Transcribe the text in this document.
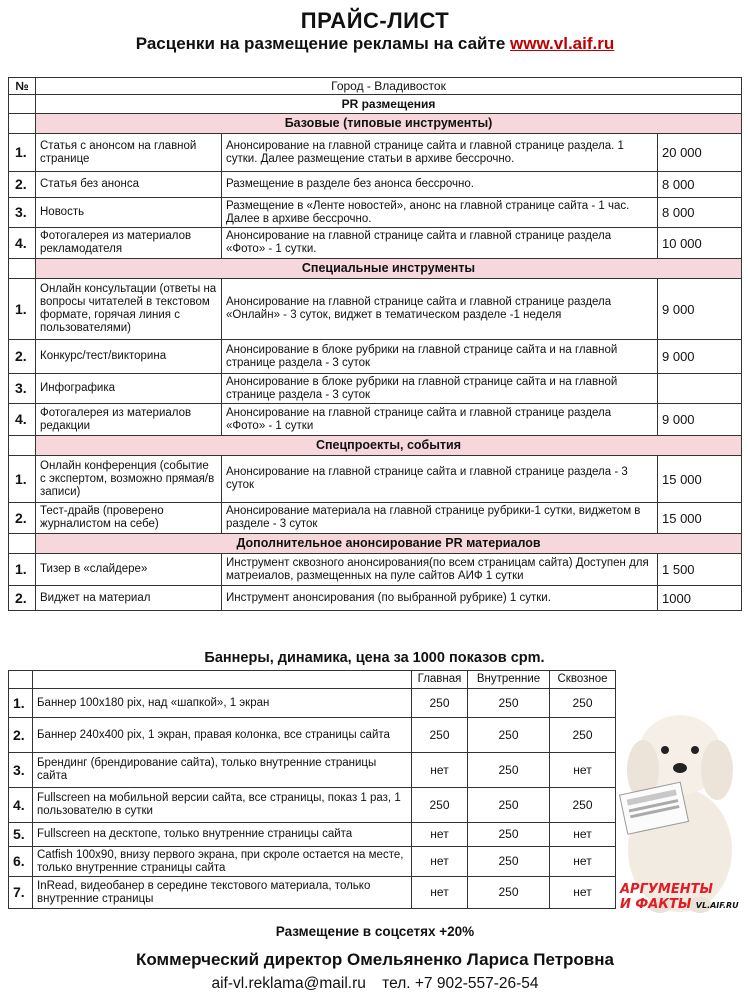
ПРАЙС-ЛИСТ
Расценки на размещение рекламы на сайте www.vl.aif.ru
№	Город - Владивосток		
	PR размещения		
	Базовые (типовые инструменты)		
1.	Статья с анонсом на главной странице	Анонсирование на главной странице сайта и главной странице раздела. 1 сутки. Далее размещение статьи в архиве бессрочно.	20 000
2.	Статья без анонса	Размещение в разделе без анонса бессрочно.	8 000
3.	Новость	Размещение в «Ленте новостей», анонс на главной странице сайта - 1 час. Далее в архиве бессрочно.	8 000
4.	Фотогалерея из материалов рекламодателя	Анонсирование на главной странице сайта и главной странице раздела «Фото» - 1 сутки.	10 000
	Специальные инструменты		
1.	Онлайн консультации (ответы на вопросы читателей в текстовом формате, горячая линия с пользователями)	Анонсирование на главной странице сайта и главной странице раздела «Онлайн» - 3 суток, виджет в тематическом разделе -1 неделя	9 000
2.	Конкурс/тест/викторина	Анонсирование в блоке рубрики на главной странице сайта и на главной странице раздела - 3 суток	9 000
3.	Инфографика	Анонсирование в блоке рубрики на главной странице сайта и на главной странице раздела - 3 суток	
4.	Фотогалерея из материалов редакции	Анонсирование на главной странице сайта и главной странице раздела «Фото» - 1 сутки	9 000
	Спецпроекты, события		
1.	Онлайн конференция (событие с экспертом, возможно прямая/в записи)	Анонсирование на главной странице сайта и главной странице раздела - 3 суток	15 000
2.	Тест-драйв (проверено журналистом на себе)	Анонсирование материала на главной странице рубрики-1 сутки, виджетом в разделе - 3 суток	15 000
	Дополнительное анонсирование PR материалов		
1.	Тизер в «слайдере»	Инструмент сквозного анонсирования(по всем страницам сайта) Доступен для матреиалов, размещенных на пуле сайтов АИФ 1 сутки	1 500
2.	Виджет на материал	Инструмент анонсирования (по выбранной рубрике) 1 сутки.	1000
Баннеры, динамика, цена за 1000 показов cpm.
		Главная	Внутренние	Сквозное
1.	Баннер 100x180 pix, над «шапкой», 1 экран	250	250	250
2.	Баннер 240x400 pix, 1 экран, правая колонка, все страницы сайта	250	250	250
3.	Брендинг (брендирование сайта), только внутренние страницы сайта	нет	250	нет
4.	Fullscreen на мобильной версии сайта, все страницы, показ 1 раз, 1 пользователю в сутки	250	250	250
5.	Fullscreen на десктопе, только внутренние страницы сайта	нет	250	нет
6.	Catfish 100x90, внизу первого экрана, при скроле остается на месте, только внутренние страницы сайта	нет	250	нет
7.	InRead, видеобанер в середине текстового материала, только внутренние страницы	нет	250	нет АРГУМЕНТЫ
И ФАКТЫ VL.AIF.RU
Размещение в соцсетях +20%
Коммерческий директор Омельяненко Лариса Петровна
aif-vl.reklama@mail.ru тел. +7 902-557-26-54
